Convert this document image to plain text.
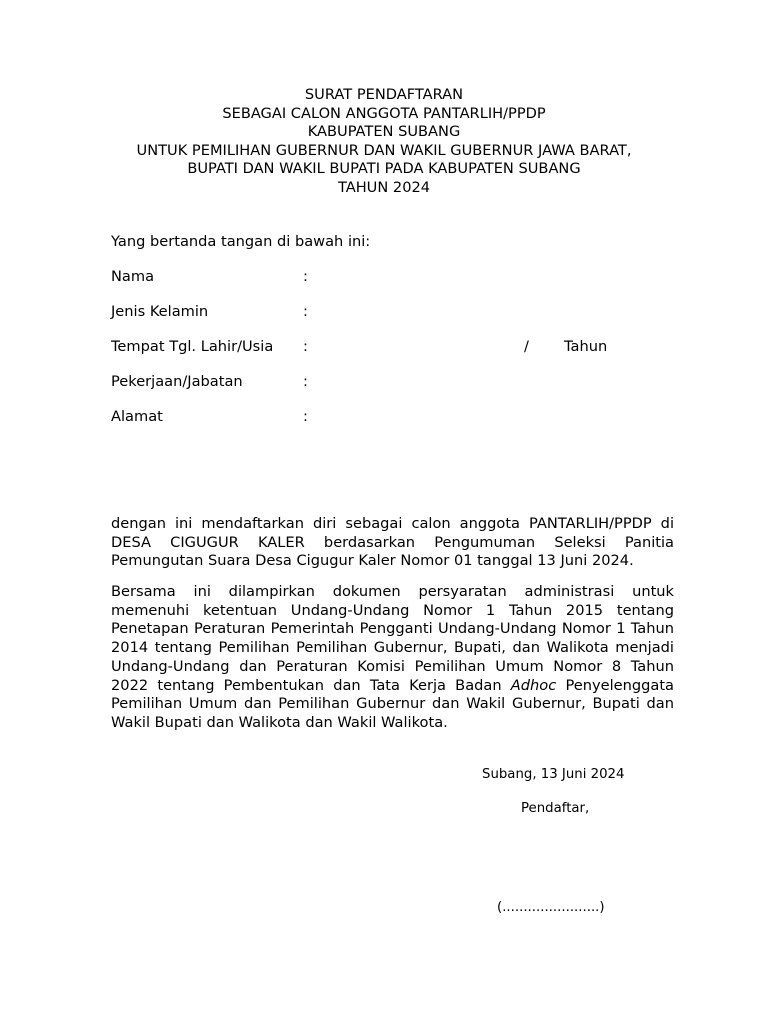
SURAT PENDAFTARAN
SEBAGAI CALON ANGGOTA PANTARLIH/PPDP
KABUPATEN SUBANG
UNTUK PEMILIHAN GUBERNUR DAN WAKIL GUBERNUR JAWA BARAT,
BUPATI DAN WAKIL BUPATI PADA KABUPATEN SUBANG
TAHUN 2024
Yang bertanda tangan di bawah ini:
Nama	:
Jenis Kelamin	:
Tempat Tgl. Lahir/Usia :	/ Tahun
Pekerjaan/Jabatan	:
Alamat	:

dengan ini mendaftarkan diri sebagai calon anggota PANTARLIH/PPDP di DESA CIGUGUR KALER berdasarkan Pengumuman Seleksi Panitia Pemungutan Suara Desa Cigugur Kaler Nomor 01 tanggal 13 Juni 2024.

Bersama ini dilampirkan dokumen persyaratan administrasi untuk memenuhi ketentuan Undang-Undang Nomor 1 Tahun 2015 tentang Penetapan Peraturan Pemerintah Pengganti Undang-Undang Nomor 1 Tahun 2014 tentang Pemilihan Pemilihan Gubernur, Bupati, dan Walikota menjadi Undang-Undang dan Peraturan Komisi Pemilihan Umum Nomor 8 Tahun 2022 tentang Pembentukan dan Tata Kerja Badan Adhoc Penyelenggata Pemilihan Umum dan Pemilihan Gubernur dan Wakil Gubernur, Bupati dan Wakil Bupati dan Walikota dan Wakil Walikota.

Subang, 13 Juni 2024
Pendaftar,
(.......................)
